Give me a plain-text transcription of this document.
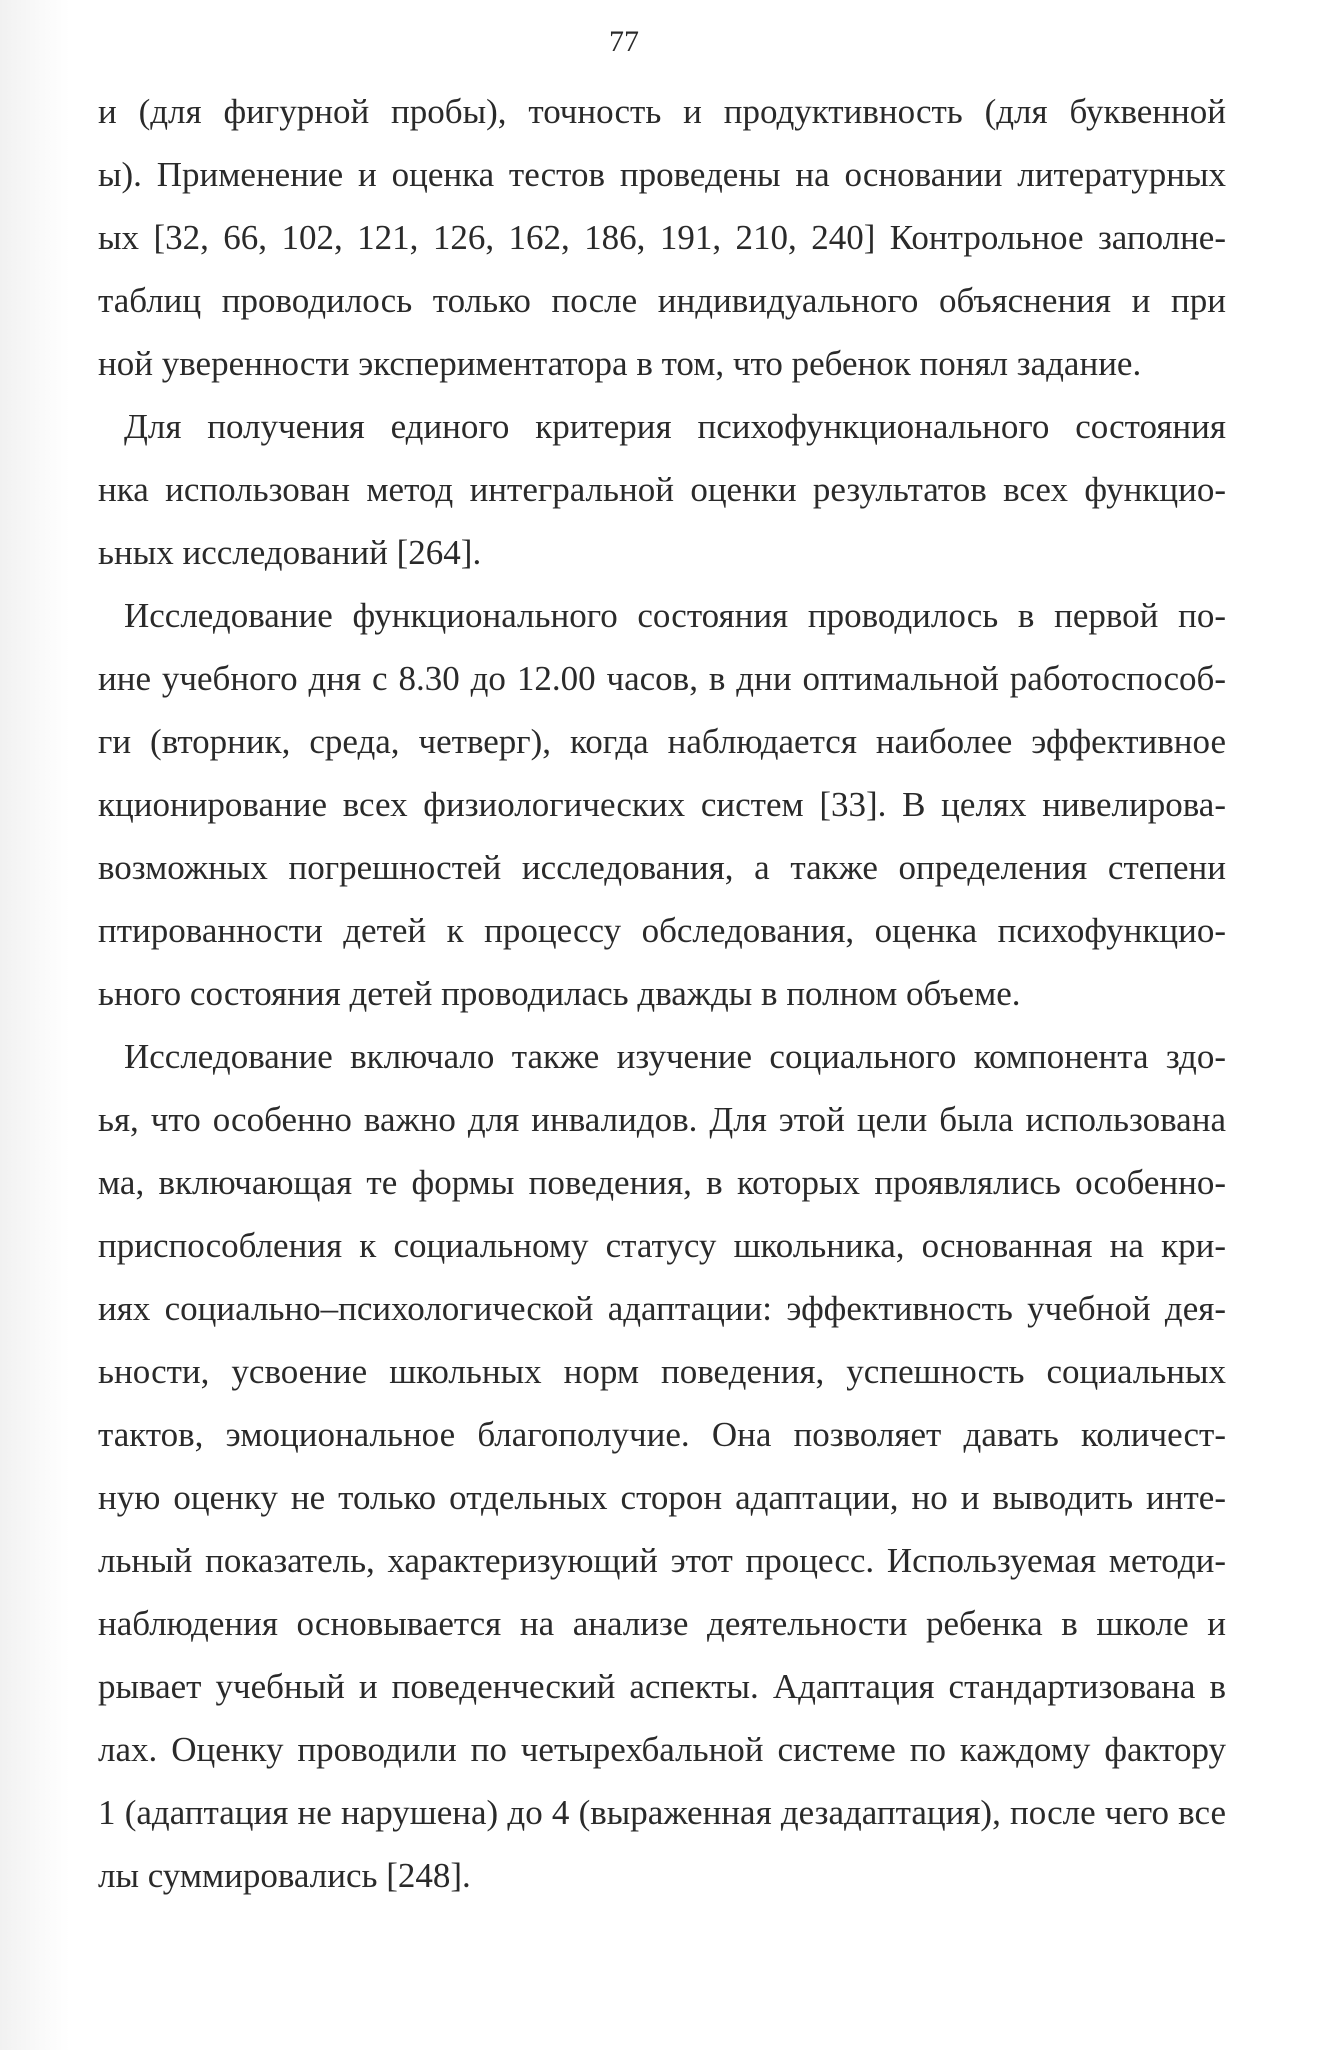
77
и (для фигурной пробы), точность и продуктивность (для буквенной
ы). Применение и оценка тестов проведены на основании литературных
ых [32, 66, 102, 121, 126, 162, 186, 191, 210, 240] Контрольное заполне-
таблиц проводилось только после индивидуального объяснения и при
ной уверенности экспериментатора в том, что ребенок понял задание.
Для получения единого критерия психофункционального состояния
нка использован метод интегральной оценки результатов всех функцио-
ьных исследований [264].
Исследование функционального состояния проводилось в первой по-
ине учебного дня с 8.30 до 12.00 часов, в дни оптимальной работоспособ-
ги (вторник, среда, четверг), когда наблюдается наиболее эффективное
кционирование всех физиологических систем [33]. В целях нивелирова-
возможных погрешностей исследования, а также определения степени
птированности детей к процессу обследования, оценка психофункцио-
ьного состояния детей проводилась дважды в полном объеме.
Исследование включало также изучение социального компонента здо-
ья, что особенно важно для инвалидов. Для этой цели была использована
ма, включающая те формы поведения, в которых проявлялись особенно-
приспособления к социальному статусу школьника, основанная на кри-
иях социально–психологической адаптации: эффективность учебной дея-
ьности, усвоение школьных норм поведения, успешность социальных
тактов, эмоциональное благополучие. Она позволяет давать количест-
ную оценку не только отдельных сторон адаптации, но и выводить инте-
льный показатель, характеризующий этот процесс. Используемая методи-
наблюдения основывается на анализе деятельности ребенка в школе и
рывает учебный и поведенческий аспекты. Адаптация стандартизована в
лах. Оценку проводили по четырехбальной системе по каждому фактору
1 (адаптация не нарушена) до 4 (выраженная дезадаптация), после чего все
лы суммировались [248].
